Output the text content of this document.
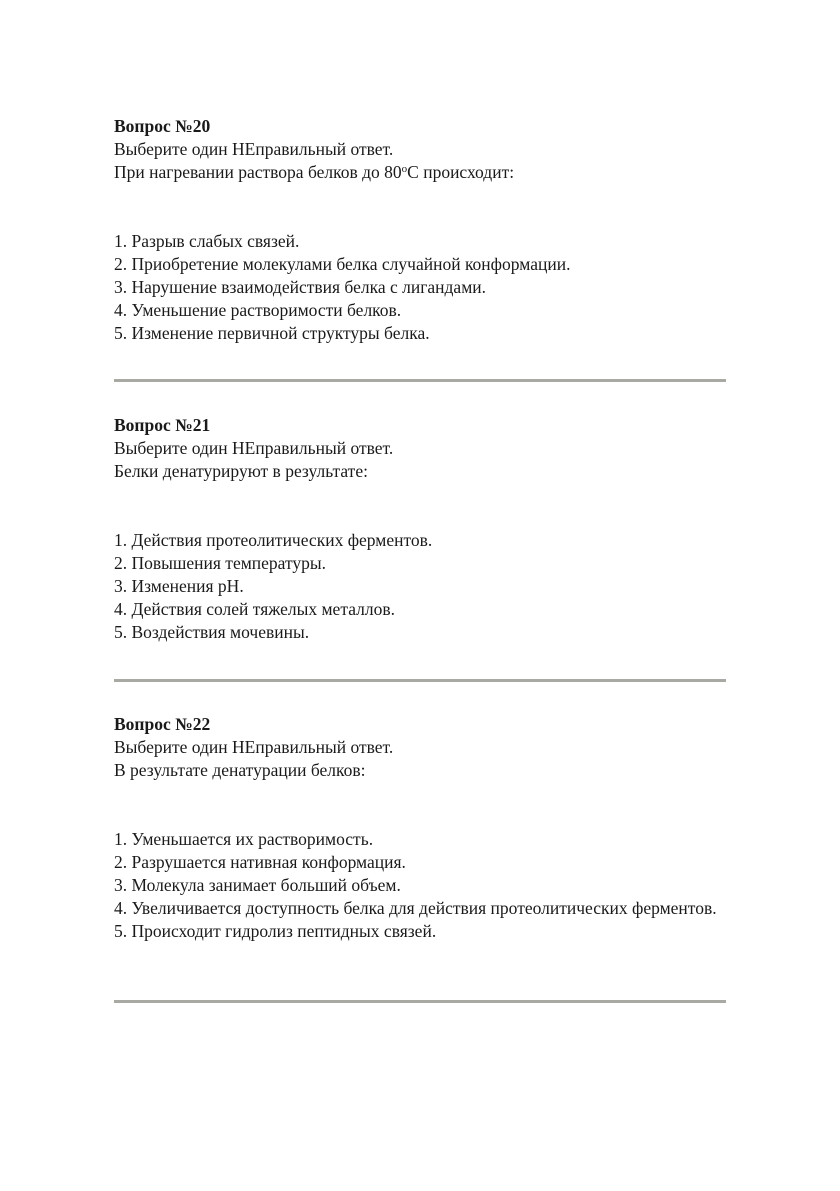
Вопрос №20
Выберите один НЕправильный ответ.
При нагревании раствора белков до $80^оС$ происходит:
1. Разрыв слабых связей.
2. Приобретение молекулами белка случайной конформации.
3. Нарушение взаимодействия белка с лигандами.
4. Уменьшение растворимости белков.
5. Изменение первичной структуры белка.
Вопрос №21
Выберите один НЕправильный ответ.
Белки денатурируют в результате:
1. Действия протеолитических ферментов.
2. Повышения температуры.
3. Изменения pH.
4. Действия солей тяжелых металлов.
5. Воздействия мочевины.
Вопрос №22
Выберите один НЕправильный ответ.
В результате денатурации белков:
1. Уменьшается их растворимость.
2. Разрушается нативная конформация.
3. Молекула занимает больший объем.
4. Увеличивается доступность белка для действия протеолитических ферментов.
5. Происходит гидролиз пептидных связей.
